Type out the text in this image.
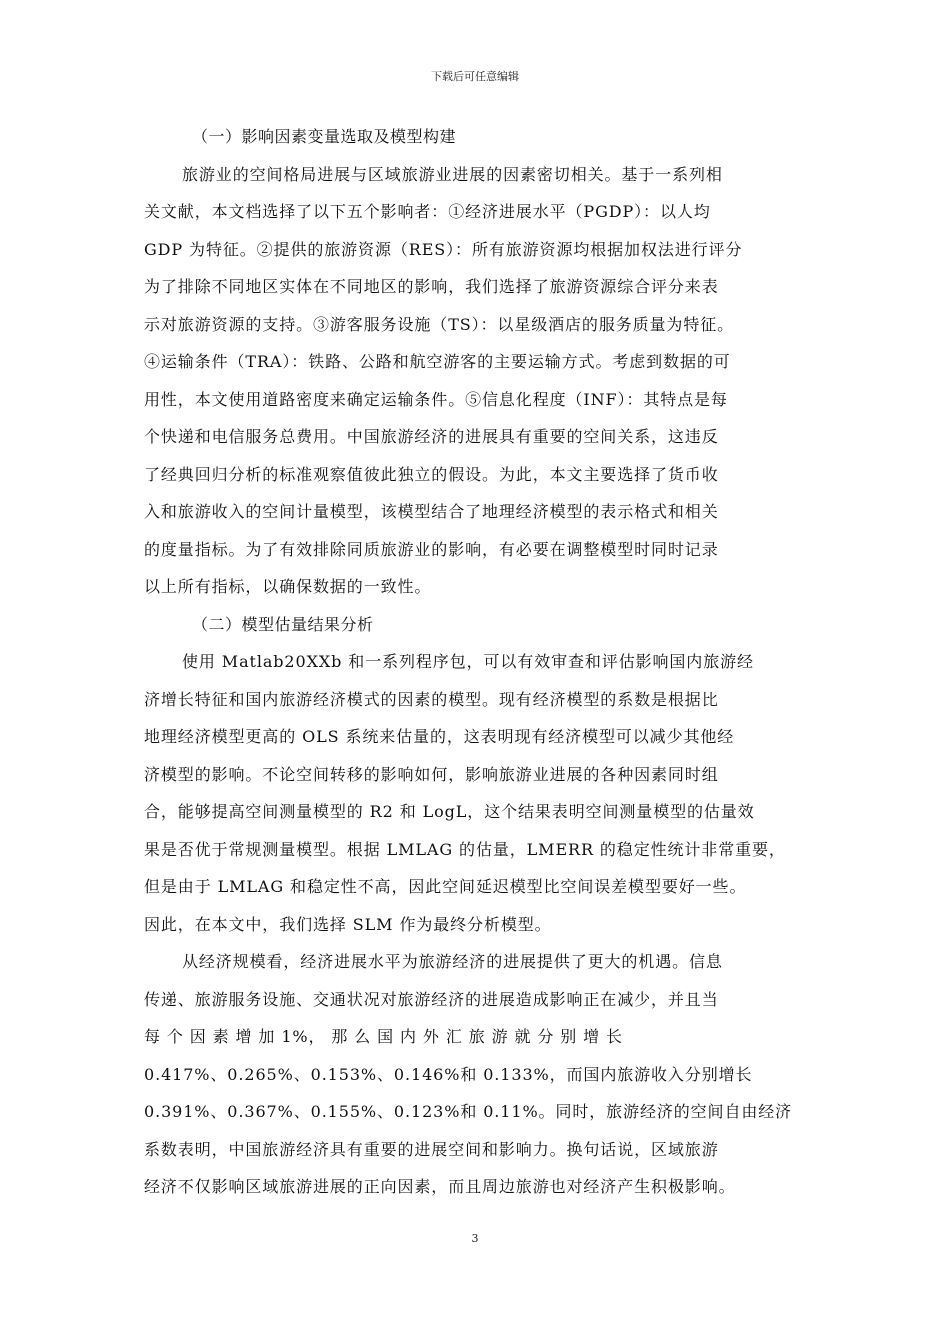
下载后可任意编辑
（一）影响因素变量选取及模型构建
旅游业的空间格局进展与区域旅游业进展的因素密切相关。基于一系列相
关文献，本文档选择了以下五个影响者：①经济进展水平（PGDP）：以人均
GDP 为特征。②提供的旅游资源（RES）：所有旅游资源均根据加权法进行评分
为了排除不同地区实体在不同地区的影响，我们选择了旅游资源综合评分来表
示对旅游资源的支持。③游客服务设施（TS）：以星级酒店的服务质量为特征。
④运输条件（TRA）：铁路、公路和航空游客的主要运输方式。考虑到数据的可
用性，本文使用道路密度来确定运输条件。⑤信息化程度（INF）：其特点是每
个快递和电信服务总费用。中国旅游经济的进展具有重要的空间关系，这违反
了经典回归分析的标准观察值彼此独立的假设。为此，本文主要选择了货币收
入和旅游收入的空间计量模型，该模型结合了地理经济模型的表示格式和相关
的度量指标。为了有效排除同质旅游业的影响，有必要在调整模型时同时记录
以上所有指标，以确保数据的一致性。
（二）模型估量结果分析
使用 Matlab20XXb 和一系列程序包，可以有效审查和评估影响国内旅游经
济增长特征和国内旅游经济模式的因素的模型。现有经济模型的系数是根据比
地理经济模型更高的 OLS 系统来估量的，这表明现有经济模型可以减少其他经
济模型的影响。不论空间转移的影响如何，影响旅游业进展的各种因素同时组
合，能够提高空间测量模型的 R2 和 LogL，这个结果表明空间测量模型的估量效
果是否优于常规测量模型。根据 LMLAG 的估量，LMERR 的稳定性统计非常重要，
但是由于 LMLAG 和稳定性不高，因此空间延迟模型比空间误差模型要好一些。
因此，在本文中，我们选择 SLM 作为最终分析模型。
从经济规模看，经济进展水平为旅游经济的进展提供了更大的机遇。信息
传递、旅游服务设施、交通状况对旅游经济的进展造成影响正在减少，并且当
每 个 因 素 增 加 1%， 那 么 国 内 外 汇 旅 游 就 分 别 增 长
0.417%、0.265%、0.153%、0.146%和 0.133%，而国内旅游收入分别增长
0.391%、0.367%、0.155%、0.123%和 0.11%。同时，旅游经济的空间自由经济
系数表明，中国旅游经济具有重要的进展空间和影响力。换句话说，区域旅游
经济不仅影响区域旅游进展的正向因素，而且周边旅游也对经济产生积极影响。
3
